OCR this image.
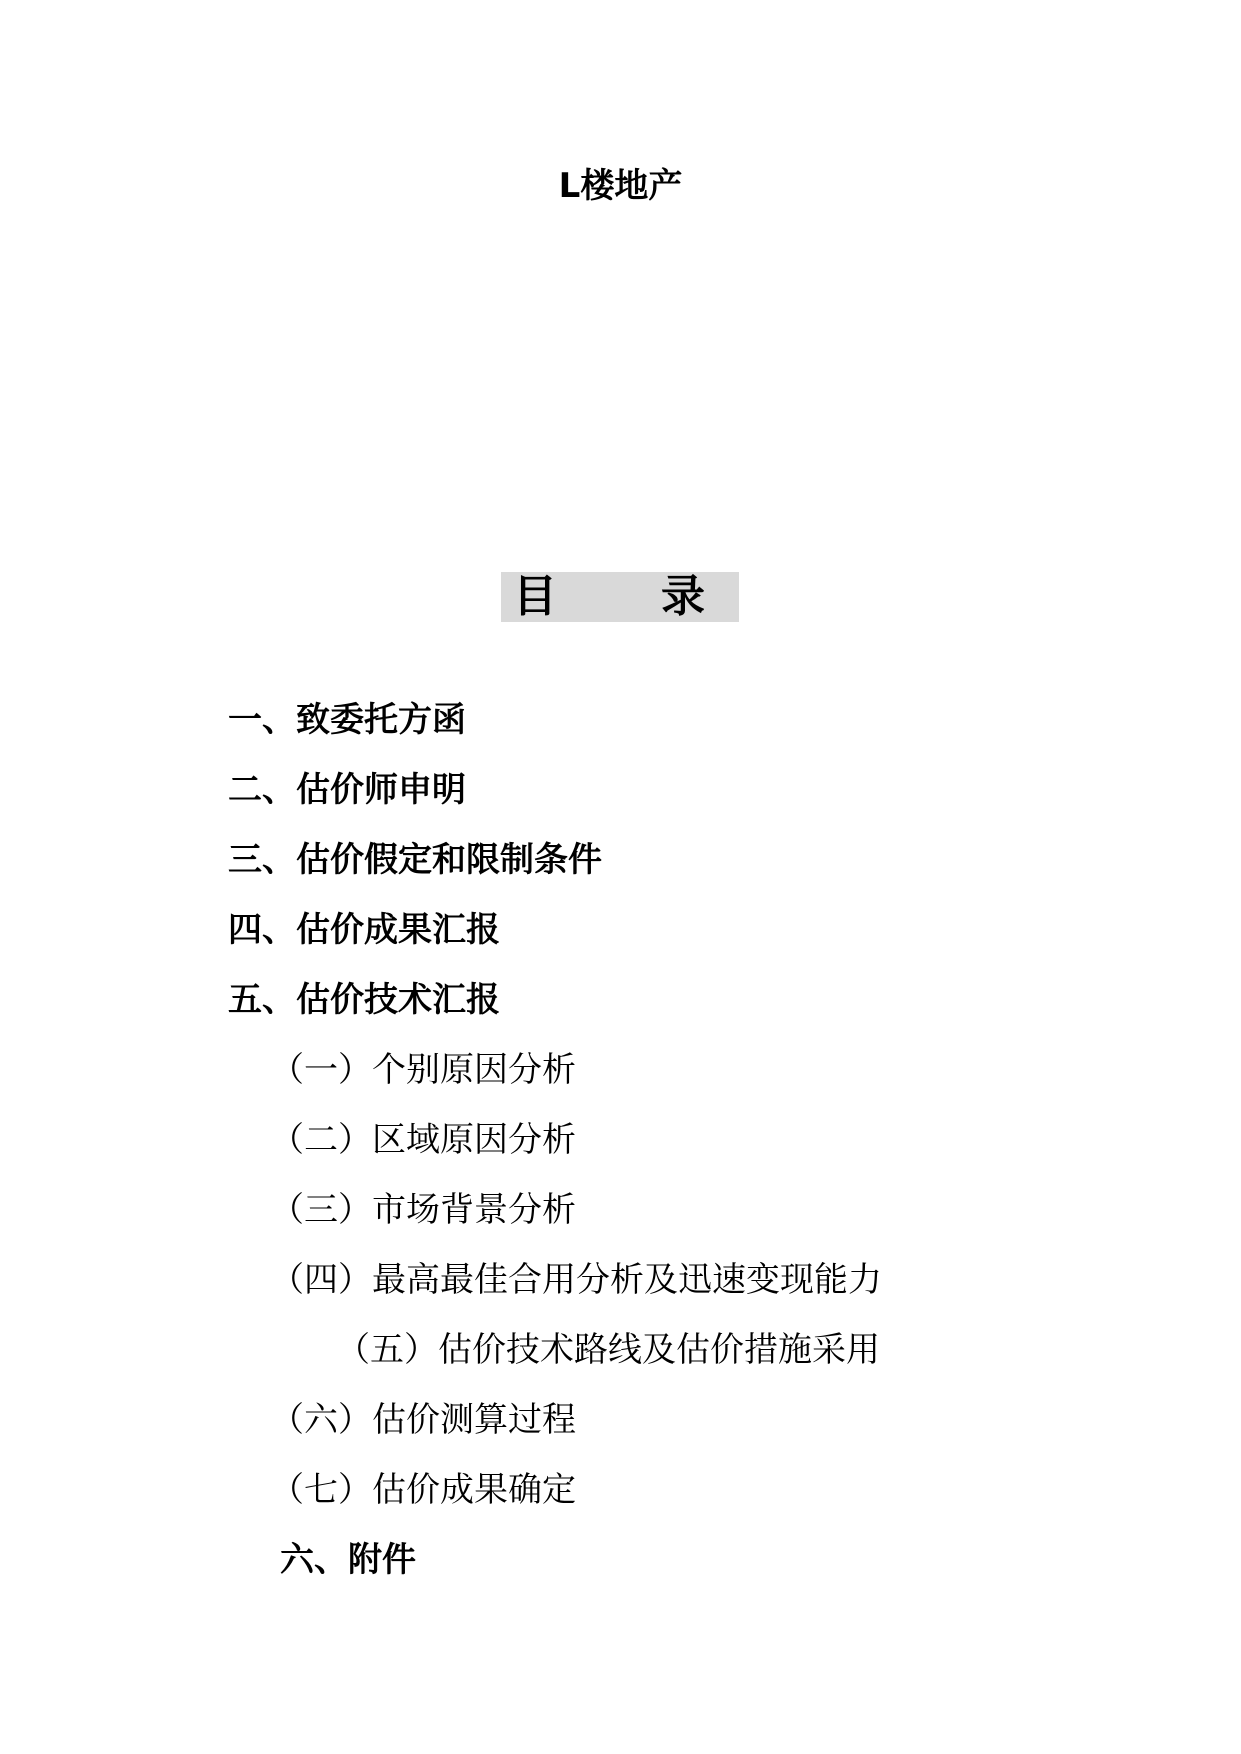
L楼地产
目 录
一、致委托方函
二、估价师申明
三、估价假定和限制条件
四、估价成果汇报
五、估价技术汇报
（一）个别原因分析
（二）区域原因分析
（三）市场背景分析
（四）最高最佳合用分析及迅速变现能力
（五）估价技术路线及估价措施采用
（六）估价测算过程
（七）估价成果确定
六、附件
